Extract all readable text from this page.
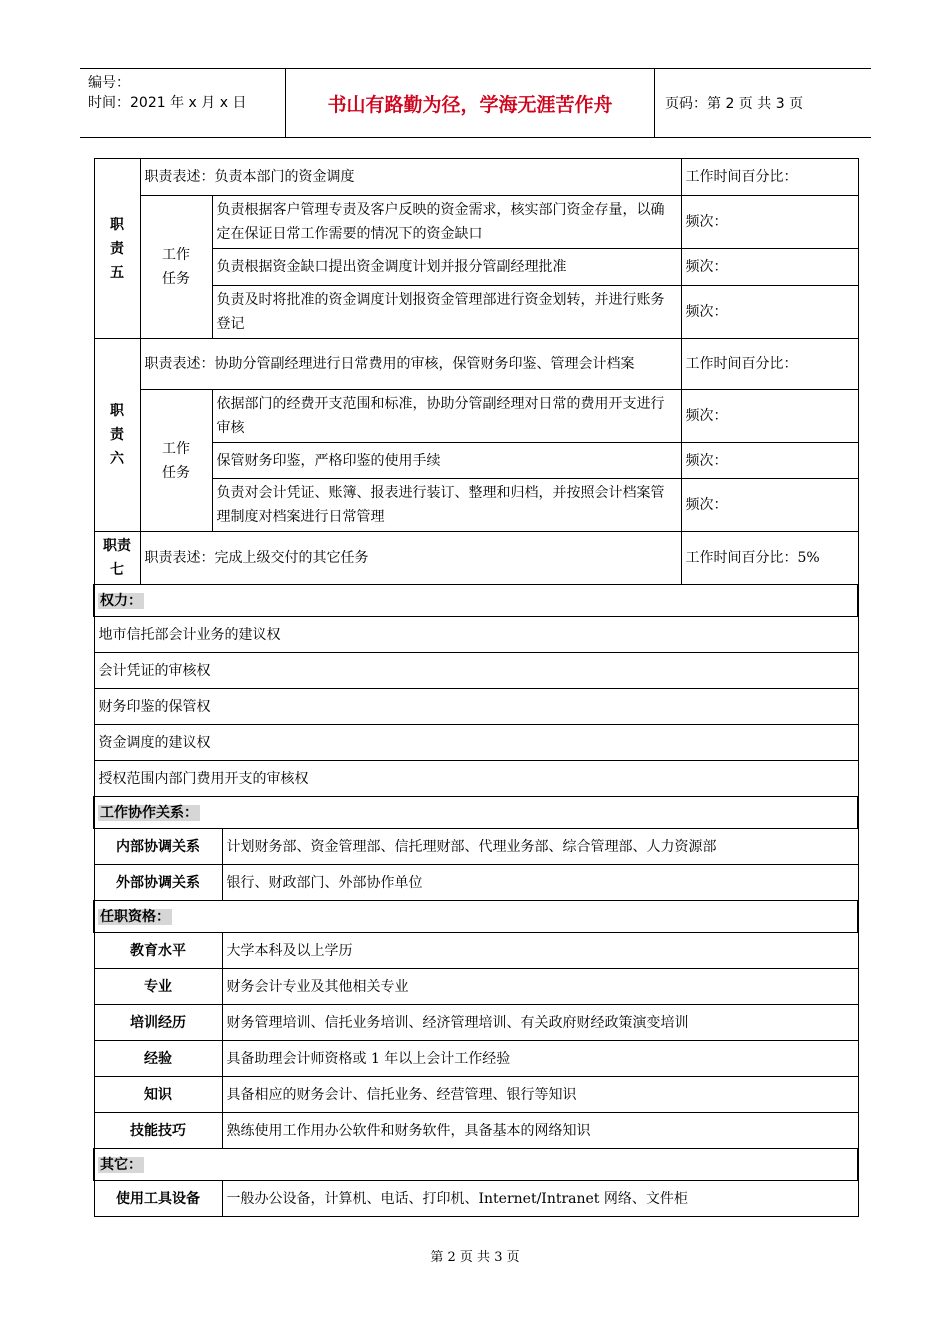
编号：
时间：2021 年 x 月 x 日	书山有路勤为径，学海无涯苦作舟	页码：第 2 页 共 3 页
职
责
五	职责表述：负责本部门的资金调度			工作时间百分比：
	工作
任务	负责根据客户管理专责及客户反映的资金需求，核实部门资金存量，以确定在保证日常工作需要的情况下的资金缺口		频次：
		负责根据资金缺口提出资金调度计划并报分管副经理批准		频次：
		负责及时将批准的资金调度计划报资金管理部进行资金划转，并进行账务登记		频次：
职
责
六	职责表述：协助分管副经理进行日常费用的审核，保管财务印鉴、管理会计档案			工作时间百分比：
	工作
任务	依据部门的经费开支范围和标准，协助分管副经理对日常的费用开支进行审核		频次：
		保管财务印鉴，严格印鉴的使用手续		频次：
		负责对会计凭证、账簿、报表进行装订、整理和归档，并按照会计档案管理制度对档案进行日常管理		频次：
职责
七	职责表述：完成上级交付的其它任务			工作时间百分比：5%
权力：				
地市信托部会计业务的建议权				
会计凭证的审核权				
财务印鉴的保管权				
资金调度的建议权				
授权范围内部门费用开支的审核权				
工作协作关系：				
内部协调关系			计划财务部、资金管理部、信托理财部、代理业务部、综合管理部、人力资源部	
外部协调关系			银行、财政部门、外部协作单位	
任职资格：				
教育水平			大学本科及以上学历	
专业			财务会计专业及其他相关专业	
培训经历			财务管理培训、信托业务培训、经济管理培训、有关政府财经政策演变培训	
经验			具备助理会计师资格或 1 年以上会计工作经验	
知识			具备相应的财务会计、信托业务、经营管理、银行等知识	
技能技巧			熟练使用工作用办公软件和财务软件，具备基本的网络知识	
其它：				
使用工具设备			一般办公设备，计算机、电话、打印机、Internet/Intranet 网络、文件柜	
第 2 页 共 3 页
